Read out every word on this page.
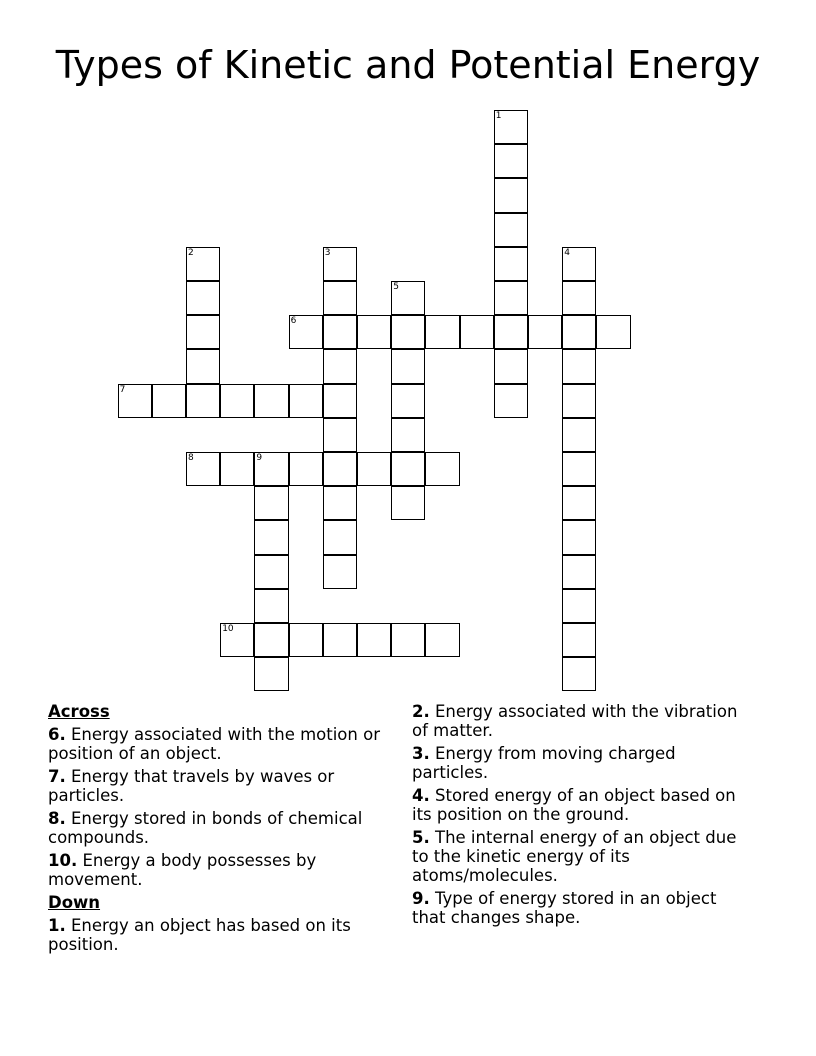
Types of Kinetic and Potential Energy
1
2	3	4
5
6
7
8	9
10
Across
6. Energy associated with the motion or position of an object.
7. Energy that travels by waves or particles.
8. Energy stored in bonds of chemical compounds.
10. Energy a body possesses by movement.
Down
1. Energy an object has based on its position.
2. Energy associated with the vibration of matter.
3. Energy from moving charged particles.
4. Stored energy of an object based on its position on the ground.
5. The internal energy of an object due to the kinetic energy of its atoms/molecules.
9. Type of energy stored in an object that changes shape.
